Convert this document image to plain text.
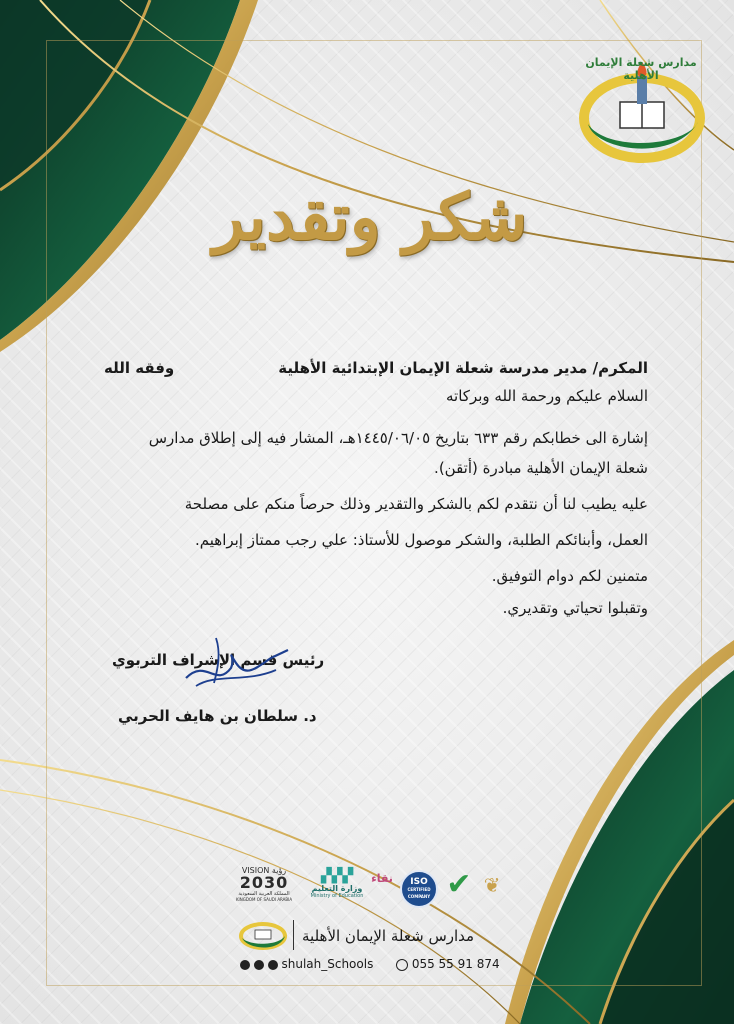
مدارس شعلة الإيمان الأهلية
شكر وتقدير
المكرم/ مدير مدرسة شعلة الإيمان الإبتدائية الأهلية
وفقه الله
السلام عليكم ورحمة الله وبركاته
إشارة الى خطابكم رقم ٦٣٣ بتاريخ ١٤٤٥/٠٦/٠٥هـ، المشار فيه إلى إطلاق مدارس
شعلة الإيمان الأهلية مبادرة (أتقن).
عليه يطيب لنا أن نتقدم لكم بالشكر والتقدير وذلك حرصاً منكم على مصلحة
العمل، وأبنائكم الطلبة، والشكر موصول للأستاذ: علي رجب ممتاز إبراهيم.
متمنين لكم دوام التوفيق.
وتقبلوا تحياتي وتقديري.
رئيس قسم الإشراف التربوي
د. سلطان بن هايف الحربي
VISION رؤية
2030
المملكة العربية السعودية
KINGDOM OF SAUDI ARABIA
▞▞▞
وزارة التعليم
Ministry of Education
نقاء	ISO
CERTIFIED COMPANY ✔ ❦
مدارس شعلة الإيمان الأهلية
shulah_Schools	055 55 91 874
